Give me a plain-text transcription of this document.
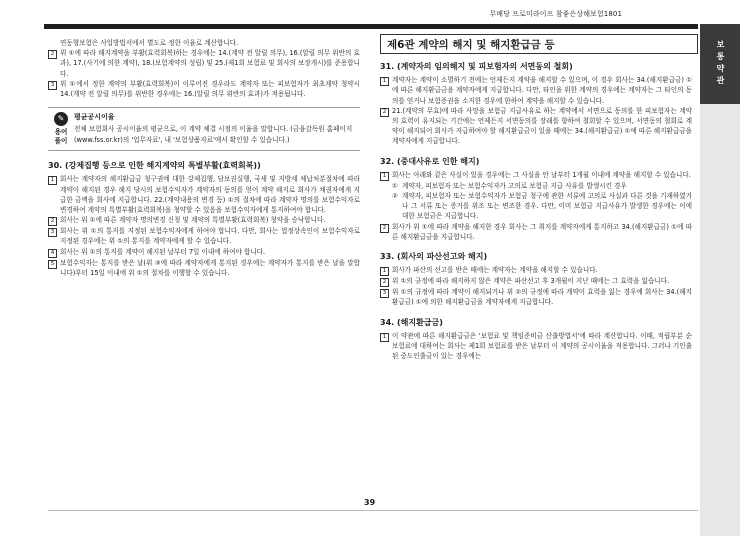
무배당 프로미라이프 참좋은상해보험1801
보통약관

연동형보험은 사업방법서에서 별도로 정한 이율로 계산합니다.

2 위 ①에 따라 해지계약을 부활(효력회복)하는 경우에는 14.(계약 전 알릴 의무), 16.(알릴 의무 위반의 효과), 17.(사기에 의한 계약), 18.(보험계약의 성립) 및 25.(제1회 보험료 및 회사의 보장개시)를 준용합니다.
3 위 ①에서 정한 계약의 부활(효력회복)이 이루어진 경우라도 계약자 또는 피보험자가 최초계약 청약시 14.(계약 전 알릴 의무)를 위반한 경우에는 16.(알릴 의무 위반의 효과)가 적용됩니다.
✎
용어
풀이
평균공시이율
전체 보험회사 공시이율의 평균으로, 이 계약 체결 시점의 이율을 말합니다. (금융감독원 홈페이지(www.fss.or.kr)의 '업무자료', 내 '보험상품자료'에서 확인할 수 있습니다.)
30. (강제집행 등으로 인한 해지계약의 특별부활(효력회복))
1 회사는 계약자의 해지환급금 청구권에 대한 강제집행, 담보권실행, 국세 및 지방세 체납처분절차에 따라 계약이 해지된 경우 해지 당시의 보험수익자가 계약자의 동의를 얻어 계약 해지로 회사가 채권자에게 지급한 금액을 회사에 지급합니다. 22.(계약내용의 변경 등) ①의 절차에 따라 계약자 명의를 보험수익자로 변경하여 계약의 특별부활(효력회복)을 청약할 수 있음을 보험수익자에게 통지하여야 합니다.
2 회사는 위 ①에 따른 계약자 명의변경 신청 및 계약의 특별부활(효력회복) 청약을 승낙합니다.
3 회사는 위 ①의 통지를 지정된 보험수익자에게 하여야 합니다. 다만, 회사는 법정상속인이 보험수익자로 지정된 경우에는 위 ①의 통지를 계약자에게 할 수 있습니다.
4 회사는 위 ①의 통지를 계약이 해지된 날부터 7일 이내에 하여야 합니다.
5 보험수익자는 통지를 받은 날(위 ③에 따라 계약자에게 통지된 경우에는 계약자가 통지를 받은 날을 말합니다)부터 15일 이내에 위 ①의 절차를 이행할 수 있습니다.
제6관 계약의 해지 및 해지환급금 등
31. (계약자의 임의해지 및 피보험자의 서면동의 철회)
1 계약자는 계약이 소멸하기 전에는 언제든지 계약을 해지할 수 있으며, 이 경우 회사는 34.(해지환급금) ①에 따른 해지환급금을 계약자에게 지급합니다. 다만, 타인을 위한 계약의 경우에는 계약자는 그 타인의 동의를 얻거나 보험증권을 소지한 경우에 한하여 계약을 해지할 수 있습니다.
2 21.(계약의 무효)에 따라 사망을 보험금 지급사유로 하는 계약에서 서면으로 동의를 한 피보험자는 계약의 효력이 유지되는 기간에는 언제든지 서면동의를 장래를 향하여 철회할 수 있으며, 서면동의 철회로 계약이 해지되어 회사가 지급하여야 할 해지환급금이 있을 때에는 34.(해지환급금) ①에 따른 해지환급금을 계약자에게 지급합니다.
32. (중대사유로 인한 해지)
1 회사는 아래와 같은 사실이 있을 경우에는 그 사실을 안 날부터 1개월 이내에 계약을 해지할 수 있습니다.
① 계약자, 피보험자 또는 보험수익자가 고의로 보험금 지급 사유를 발생시킨 경우
② 계약자, 피보험자 또는 보험수익자가 보험금 청구에 관한 서류에 고의로 사실과 다른 것을 기재하였거나 그 서류 또는 증거를 위조 또는 변조한 경우. 다만, 이미 보험금 지급사유가 발생한 경우에는 이에 대한 보험금은 지급합니다.
2 회사가 위 ①에 따라 계약을 해지한 경우 회사는 그 취지를 계약자에게 통지하고 34.(해지환급금) ①에 따른 해지환급금을 지급합니다.
33. (회사의 파산선고와 해지)
1 회사가 파산의 선고를 받은 때에는 계약자는 계약을 해지할 수 있습니다.
2 위 ①의 규정에 따라 해지하지 않은 계약은 파산선고 후 3개월이 지난 때에는 그 효력을 잃습니다.
3 위 ①의 규정에 따라 계약이 해지되거나 위 ②의 규정에 따라 계약이 효력을 잃는 경우에 회사는 34.(해지환급금) ①에 의한 해지환급금을 계약자에게 지급합니다.
34. (해지환급금)
1 이 약관에 따른 해지환급금은 '보험료 및 책임준비금 산출방법서'에 따라 계산합니다. 이때, 적립부분 순보험료에 대하여는 회사는 제1회 보험료를 받은 날부터 이 계약의 공시이율을 적용합니다. 그러나 기인출된 중도인출금이 있는 경우에는
39
